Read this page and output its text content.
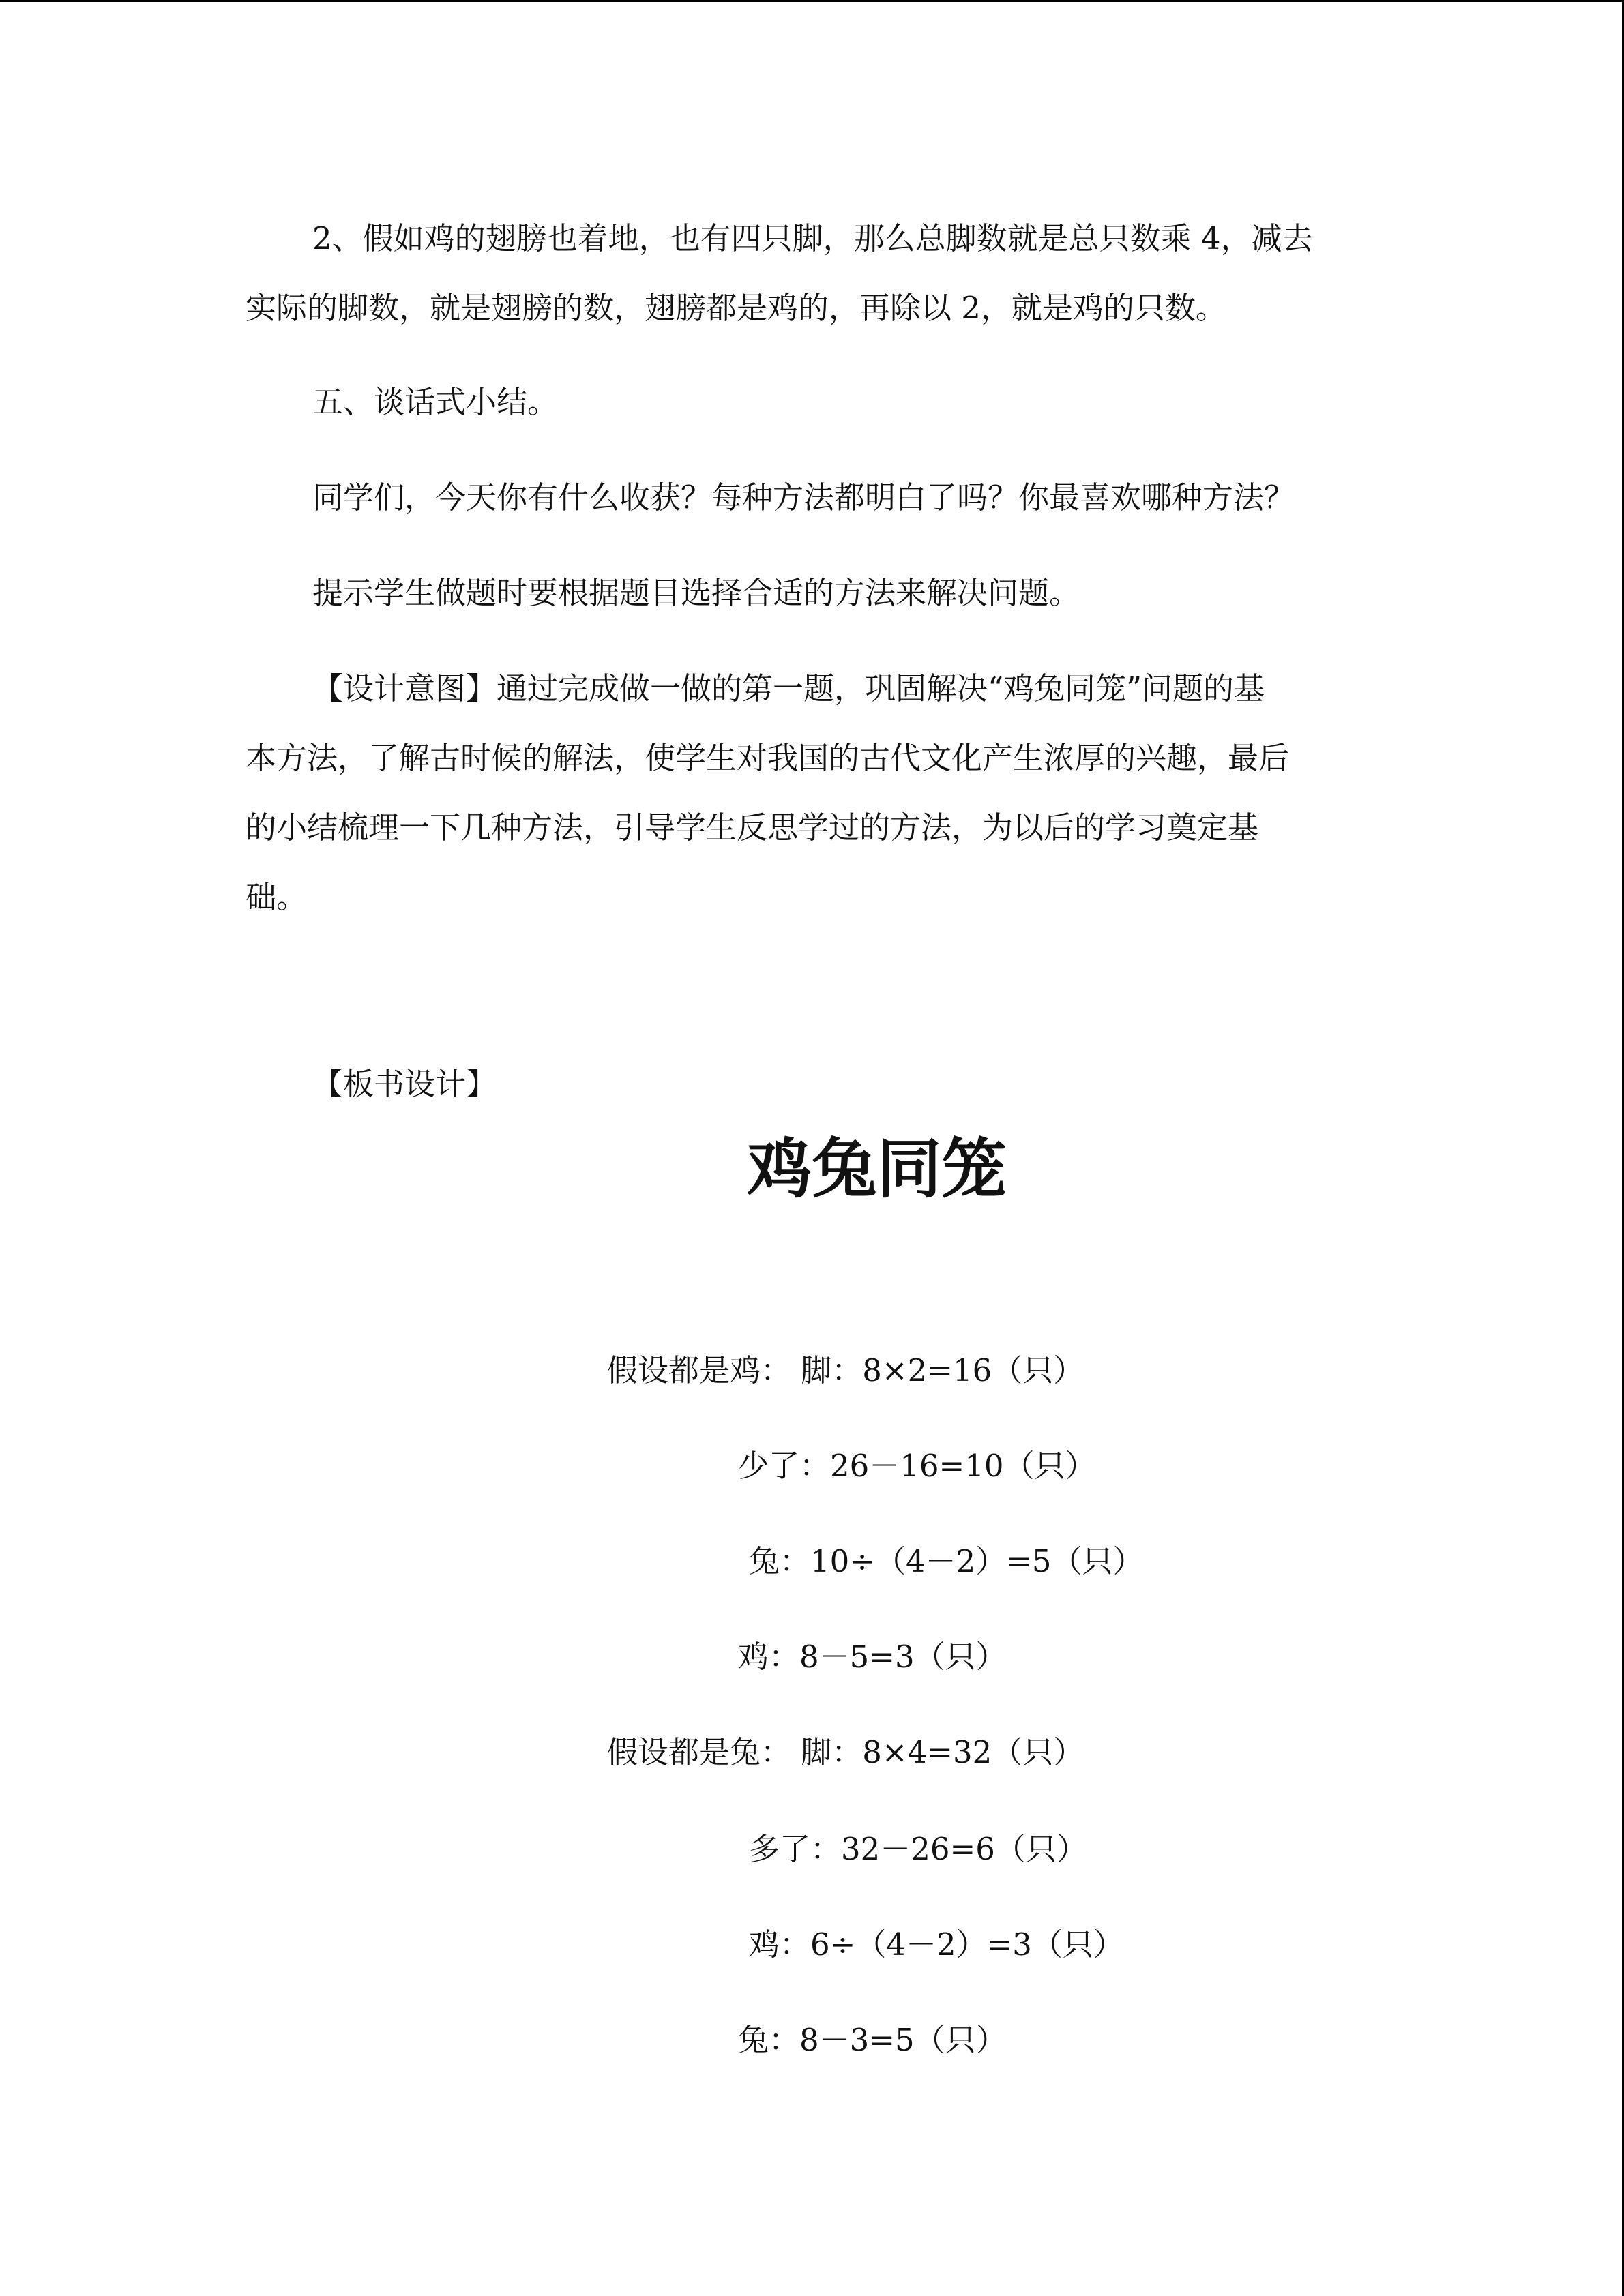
2、假如鸡的翅膀也着地，也有四只脚，那么总脚数就是总只数乘 4，减去

实际的脚数，就是翅膀的数，翅膀都是鸡的，再除以 2，就是鸡的只数。

五、谈话式小结。

同学们，今天你有什么收获？每种方法都明白了吗？你最喜欢哪种方法？

提示学生做题时要根据题目选择合适的方法来解决问题。

【设计意图】通过完成做一做的第一题，巩固解决“鸡兔同笼”问题的基

本方法，了解古时候的解法，使学生对我国的古代文化产生浓厚的兴趣，最后

的小结梳理一下几种方法，引导学生反思学过的方法，为以后的学习奠定基

础。

【板书设计】

鸡兔同笼

假设都是鸡： 脚：8×2=16（只）

少了：26－16=10（只）

兔：10÷（4－2）=5（只）

鸡：8－5=3（只）

假设都是兔： 脚：8×4=32（只）

多了：32－26=6（只）

鸡：6÷（4－2）=3（只）

兔：8－3=5（只）
